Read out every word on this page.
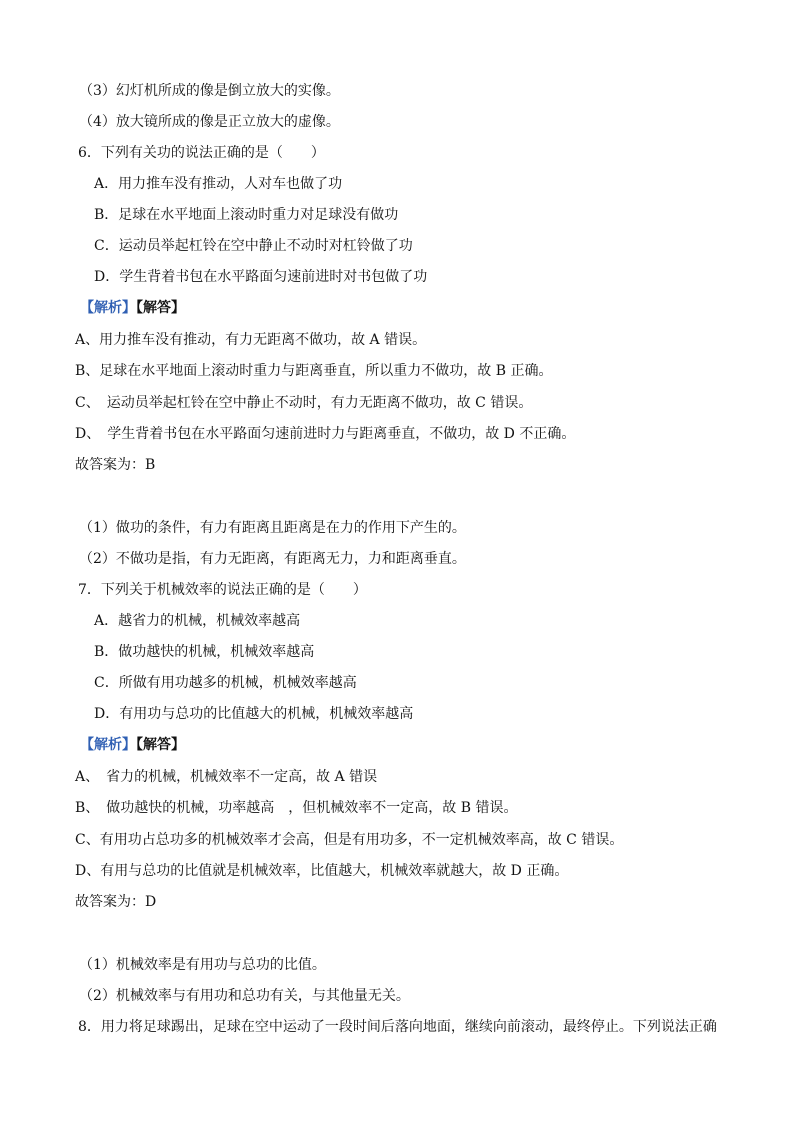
（3）幻灯机所成的像是倒立放大的实像。
（4）放大镜所成的像是正立放大的虚像。
6．下列有关功的说法正确的是（　　）
A．用力推车没有推动，人对车也做了功
B．足球在水平地面上滚动时重力对足球没有做功
C．运动员举起杠铃在空中静止不动时对杠铃做了功
D．学生背着书包在水平路面匀速前进时对书包做了功
【解析】【解答】
A、用力推车没有推动，有力无距离不做功，故 A 错误。
B、足球在水平地面上滚动时重力与距离垂直，所以重力不做功，故 B 正确。
C、　运动员举起杠铃在空中静止不动时，有力无距离不做功，故 C 错误。
D、　学生背着书包在水平路面匀速前进时力与距离垂直，不做功，故 D 不正确。
故答案为：B
（1）做功的条件，有力有距离且距离是在力的作用下产生的。
（2）不做功是指，有力无距离，有距离无力，力和距离垂直。
7．下列关于机械效率的说法正确的是（　　）
A．越省力的机械，机械效率越高
B．做功越快的机械，机械效率越高
C．所做有用功越多的机械，机械效率越高
D．有用功与总功的比值越大的机械，机械效率越高
【解析】【解答】
A、　省力的机械，机械效率不一定高，故 A 错误
B、　做功越快的机械，功率越高　，但机械效率不一定高，故 B 错误。
C、有用功占总功多的机械效率才会高，但是有用功多，不一定机械效率高，故 C 错误。
D、有用与总功的比值就是机械效率，比值越大，机械效率就越大，故 D 正确。
故答案为：D
（1）机械效率是有用功与总功的比值。
（2）机械效率与有用功和总功有关，与其他量无关。
8．用力将足球踢出，足球在空中运动了一段时间后落向地面，继续向前滚动，最终停止。下列说法正确
